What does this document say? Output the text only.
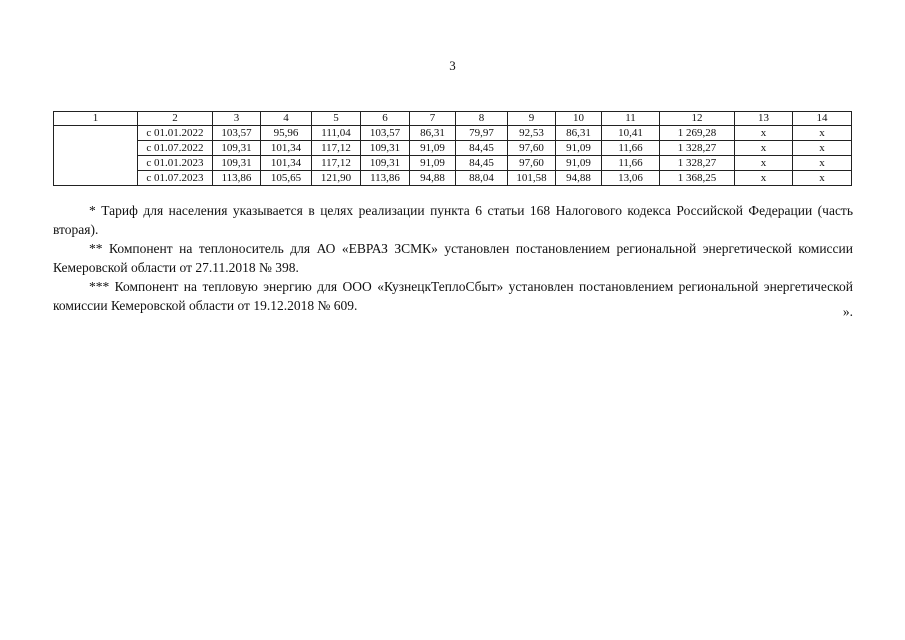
3
1	2	3	4	5	6	7	8	9	10	11	12	13	14
	с 01.01.2022	103,57	95,96	111,04	103,57	86,31	79,97	92,53	86,31	10,41	1 269,28	x	x
	с 01.07.2022	109,31	101,34	117,12	109,31	91,09	84,45	97,60	91,09	11,66	1 328,27	x	x
	с 01.01.2023	109,31	101,34	117,12	109,31	91,09	84,45	97,60	91,09	11,66	1 328,27	x	x
	с 01.07.2023	113,86	105,65	121,90	113,86	94,88	88,04	101,58	94,88	13,06	1 368,25	x	x

* Тариф для населения указывается в целях реализации пункта 6 статьи 168 Налогового кодекса Российской Федерации (часть вторая).

** Компонент на теплоноситель для АО «ЕВРАЗ ЗСМК» установлен постановлением региональной энергетической комиссии Кемеровской области от 27.11.2018 № 398.

*** Компонент на тепловую энергию для ООО «КузнецкТеплоСбыт» установлен постановлением региональной энергетической комиссии Кемеровской области от 19.12.2018 № 609.	».
